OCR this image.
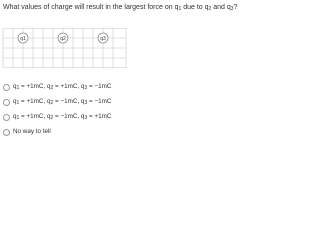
What values of charge will result in the largest force on $q_1$ due to $q_2$ and $q_3$?
q1	q2	q3
$q_1 = +1mC$, $q_2 = +1mC$, $q_3 = -1mC$
$q_1 = +1mC$, $q_2 = -1mC$, $q_3 = -1mC$
$q_1 = +1mC$, $q_2 = -1mC$, $q_3 = +1mC$
No way to tell
